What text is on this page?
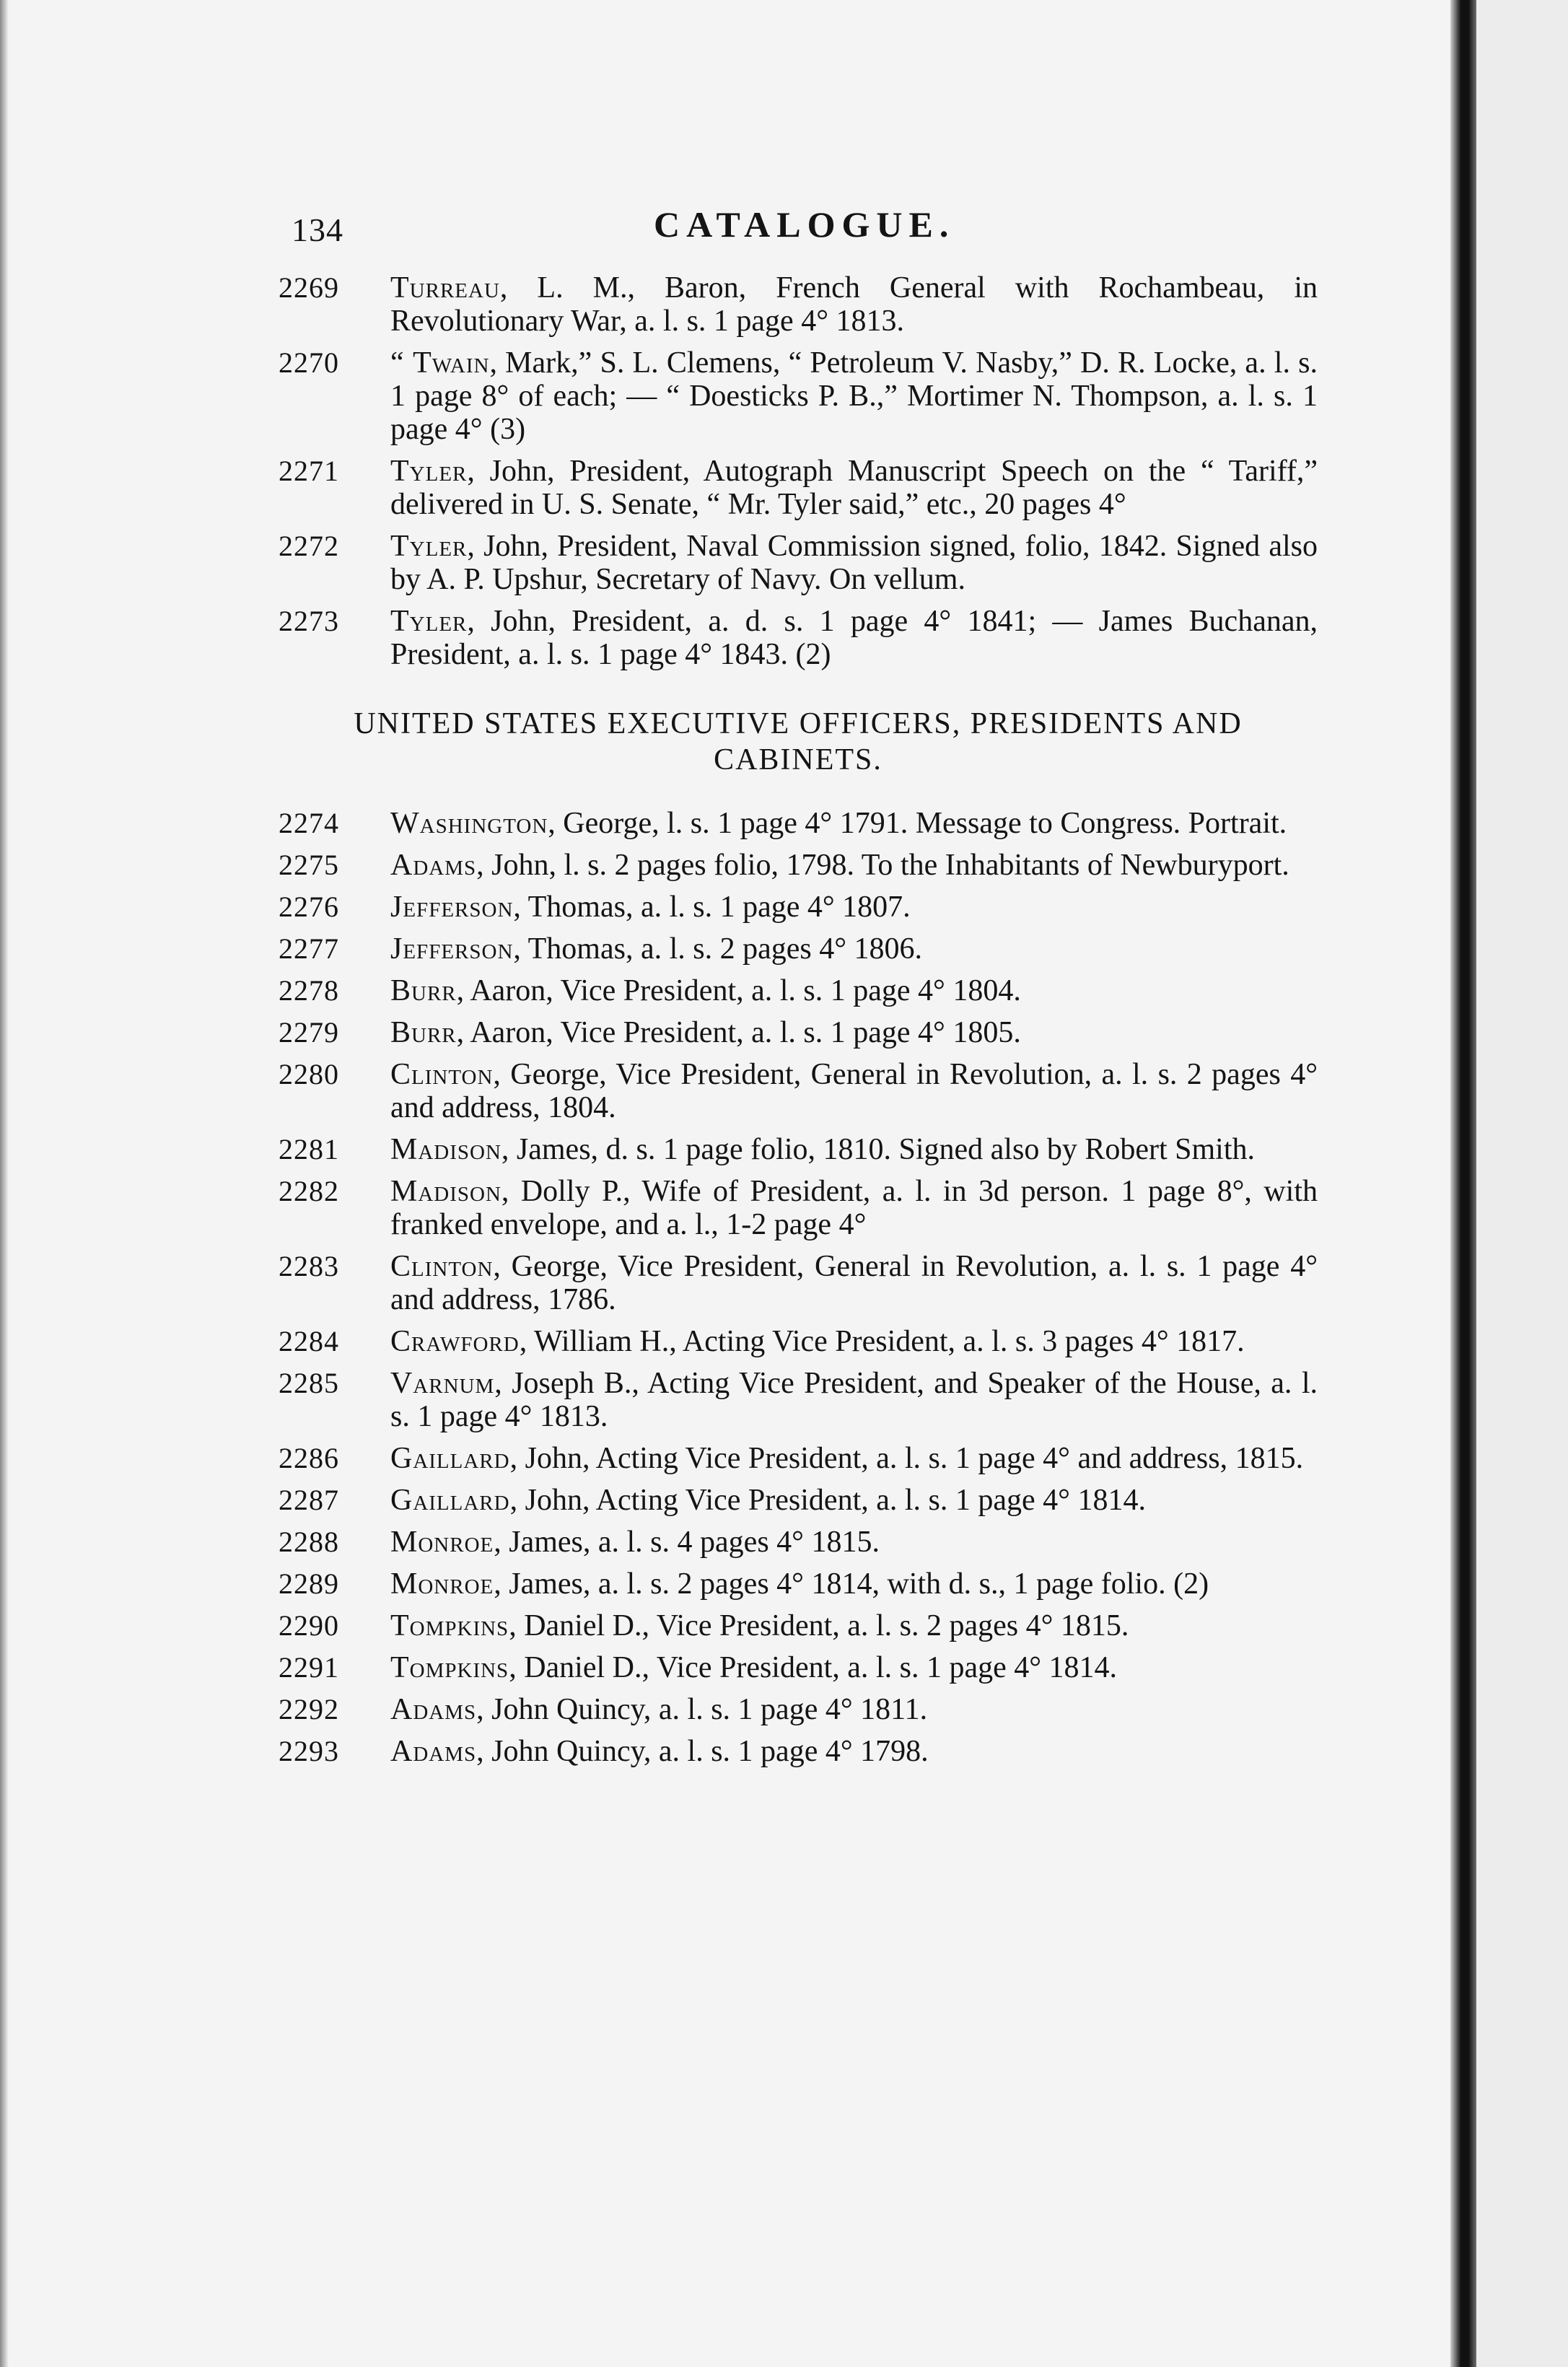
134	CATALOGUE.
2269 Turreau, L. M., Baron, French General with Rochambeau, in Revolutionary War, a. l. s. 1 page 4° 1813.
2270 “ Twain, Mark,” S. L. Clemens, “ Petroleum V. Nasby,” D. R. Locke, a. l. s. 1 page 8° of each; — “ Doesticks P. B.,” Mortimer N. Thompson, a. l. s. 1 page 4° (3)
2271 Tyler, John, President, Autograph Manuscript Speech on the “ Tariff,” delivered in U. S. Senate, “ Mr. Tyler said,” etc., 20 pages 4°
2272 Tyler, John, President, Naval Commission signed, folio, 1842. Signed also by A. P. Upshur, Secretary of Navy. On vellum.
2273 Tyler, John, President, a. d. s. 1 page 4° 1841; — James Buchanan, President, a. l. s. 1 page 4° 1843. (2)
UNITED STATES EXECUTIVE OFFICERS, PRESIDENTS AND CABINETS.
2274 Washington, George, l. s. 1 page 4° 1791. Message to Congress. Portrait.
2275 Adams, John, l. s. 2 pages folio, 1798. To the Inhabitants of Newburyport.
2276 Jefferson, Thomas, a. l. s. 1 page 4° 1807.
2277 Jefferson, Thomas, a. l. s. 2 pages 4° 1806.
2278 Burr, Aaron, Vice President, a. l. s. 1 page 4° 1804.
2279 Burr, Aaron, Vice President, a. l. s. 1 page 4° 1805.
2280 Clinton, George, Vice President, General in Revolution, a. l. s. 2 pages 4° and address, 1804.
2281 Madison, James, d. s. 1 page folio, 1810. Signed also by Robert Smith.
2282 Madison, Dolly P., Wife of President, a. l. in 3d person. 1 page 8°, with franked envelope, and a. l., 1-2 page 4°
2283 Clinton, George, Vice President, General in Revolution, a. l. s. 1 page 4° and address, 1786.
2284 Crawford, William H., Acting Vice President, a. l. s. 3 pages 4° 1817.
2285 Varnum, Joseph B., Acting Vice President, and Speaker of the House, a. l. s. 1 page 4° 1813.
2286 Gaillard, John, Acting Vice President, a. l. s. 1 page 4° and address, 1815.
2287 Gaillard, John, Acting Vice President, a. l. s. 1 page 4° 1814.
2288 Monroe, James, a. l. s. 4 pages 4° 1815.
2289 Monroe, James, a. l. s. 2 pages 4° 1814, with d. s., 1 page folio. (2)
2290 Tompkins, Daniel D., Vice President, a. l. s. 2 pages 4° 1815.
2291 Tompkins, Daniel D., Vice President, a. l. s. 1 page 4° 1814.
2292 Adams, John Quincy, a. l. s. 1 page 4° 1811.
2293 Adams, John Quincy, a. l. s. 1 page 4° 1798.
